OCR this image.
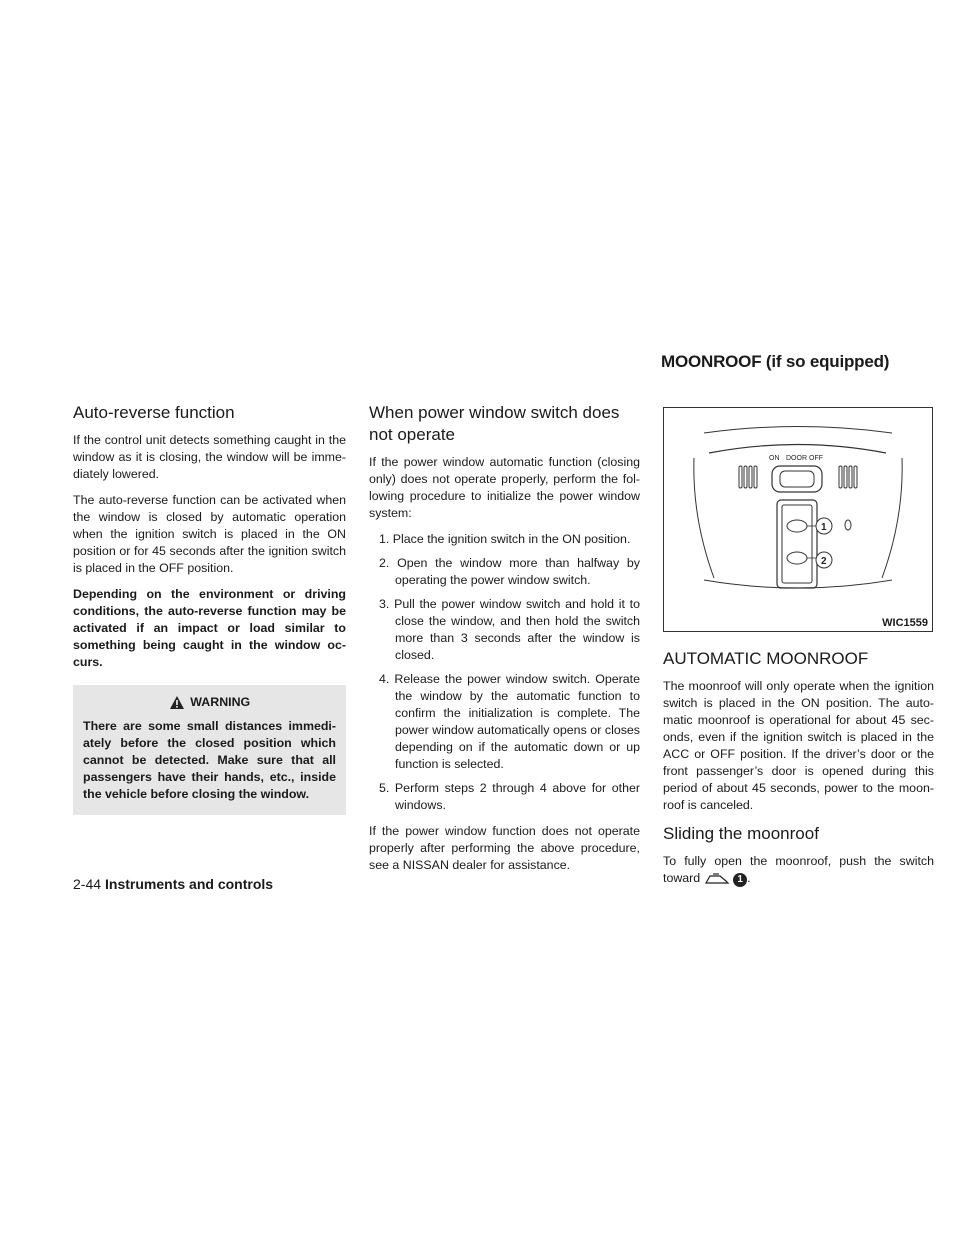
MOONROOF (if so equipped)
Auto-reverse function

If the control unit detects something caught in the window as it is closing, the window will be imme-diately lowered.

The auto-reverse function can be activated when the window is closed by automatic operation when the ignition switch is placed in the ON position or for 45 seconds after the ignition switch is placed in the OFF position.

Depending on the environment or driving conditions, the auto-reverse function may be activated if an impact or load similar to something being caught in the window oc-curs.

WARNING

There are some small distances immedi-ately before the closed position which cannot be detected. Make sure that all passengers have their hands, etc., inside the vehicle before closing the window.

When power window switch does not operate

If the power window automatic function (closing only) does not operate properly, perform the fol-lowing procedure to initialize the power window system:

1. Place the ignition switch in the ON position.
2. Open the window more than halfway by operating the power window switch.
3. Pull the power window switch and hold it to close the window, and then hold the switch more than 3 seconds after the window is closed.
4. Release the power window switch. Operate the window by the automatic function to confirm the initialization is complete. The power window automatically opens or closes depending on if the automatic down or up function is selected.
5. Perform steps 2 through 4 above for other windows.

If the power window function does not operate properly after performing the above procedure, see a NISSAN dealer for assistance.

ON DOOR OFF
1
2
WIC1559
AUTOMATIC MOONROOF

The moonroof will only operate when the ignition switch is placed in the ON position. The auto-matic moonroof is operational for about 45 sec-onds, even if the ignition switch is placed in the ACC or OFF position. If the driver’s door or the front passenger’s door is opened during this period of about 45 seconds, power to the moon-roof is canceled.

Sliding the moonroof

To fully open the moonroof, push the switch toward	1 .

2-44 Instruments and controls
